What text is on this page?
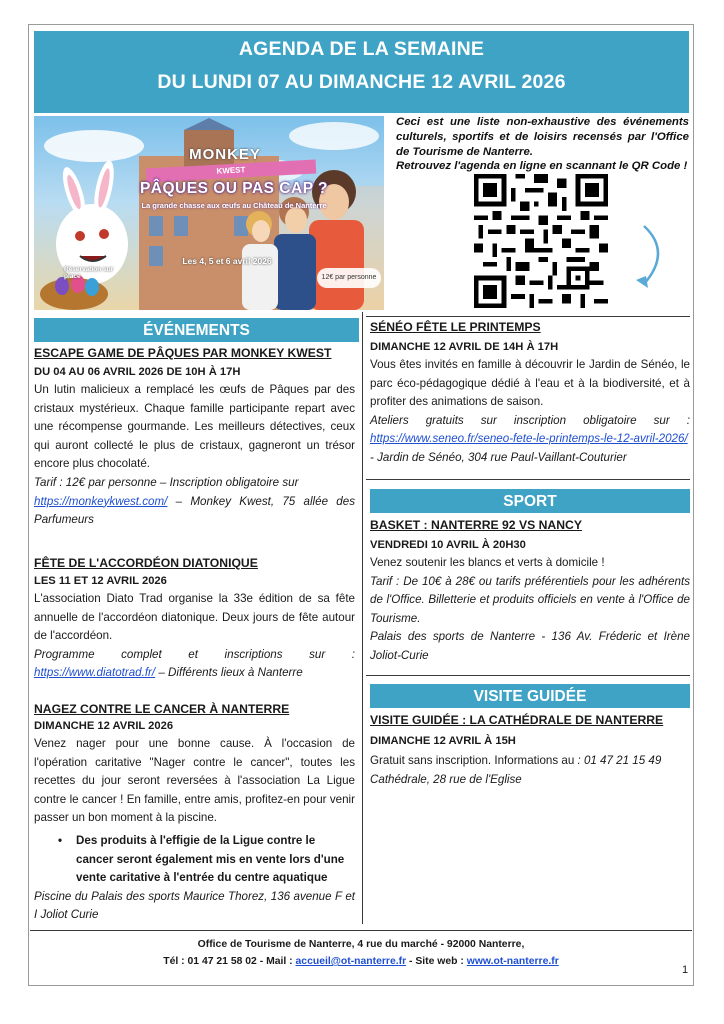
AGENDA DE LA SEMAINE
DU LUNDI 07 AU DIMANCHE 12 AVRIL 2026
MONKEY
KWEST
PÂQUES OU PAS CAP ?
La grande chasse aux œufs au Château de Nanterre
Les 4, 5 et 6 avril 2026
Réservation sur place	12€ par personne

Ceci est une liste non-exhaustive des événements culturels, sportifs et de loisirs recensés par l'Office de Tourisme de Nanterre.

Retrouvez l'agenda en ligne en scannant le QR Code !

ÉVÉNEMENTS

ESCAPE GAME DE PÂQUES PAR MONKEY KWEST

DU 04 AU 06 AVRIL 2026 DE 10H À 17H

Un lutin malicieux a remplacé les œufs de Pâques par des cristaux mystérieux. Chaque famille participante repart avec une récompense gourmande. Les meilleurs détectives, ceux qui auront collecté le plus de cristaux, gagneront un trésor encore plus chocolaté.

Tarif : 12€ par personne – Inscription obligatoire sur
https://monkeykwest.com/ – Monkey Kwest, 75 allée des Parfumeurs

FÊTE DE L'ACCORDÉON DIATONIQUE

LES 11 ET 12 AVRIL 2026

L'association Diato Trad organise la 33e édition de sa fête annuelle de l'accordéon diatonique. Deux jours de fête autour de l'accordéon.

Programme complet et inscriptions sur :

https://www.diatotrad.fr/ – Différents lieux à Nanterre

NAGEZ CONTRE LE CANCER À NANTERRE

DIMANCHE 12 AVRIL 2026

Venez nager pour une bonne cause. À l'occasion de l'opération caritative "Nager contre le cancer", toutes les recettes du jour seront reversées à l'association La Ligue contre le cancer ! En famille, entre amis, profitez-en pour venir passer un bon moment à la piscine.

• Des produits à l'effigie de la Ligue contre le cancer seront également mis en vente lors d'une vente caritative à l'entrée du centre aquatique

Piscine du Palais des sports Maurice Thorez, 136 avenue F et I Joliot Curie

SÉNÉO FÊTE LE PRINTEMPS

DIMANCHE 12 AVRIL DE 14H À 17H

Vous êtes invités en famille à découvrir le Jardin de Sénéo, le parc éco-pédagogique dédié à l'eau et à la biodiversité, et à profiter des animations de saison.

Ateliers gratuits sur inscription obligatoire sur : https://www.seneo.fr/seneo-fete-le-printemps-le-12-avril-2026/ - Jardin de Sénéo, 304 rue Paul-Vaillant-Couturier

SPORT

BASKET : NANTERRE 92 VS NANCY

VENDREDI 10 AVRIL À 20H30

Venez soutenir les blancs et verts à domicile !

Tarif : De 10€ à 28€ ou tarifs préférentiels pour les adhérents de l'Office. Billetterie et produits officiels en vente à l'Office de Tourisme.

Palais des sports de Nanterre - 136 Av. Fréderic et Irène Joliot-Curie

VISITE GUIDÉE

VISITE GUIDÉE : LA CATHÉDRALE DE NANTERRE

DIMANCHE 12 AVRIL À 15H

Gratuit sans inscription. Informations au : 01 47 21 15 49

Cathédrale, 28 rue de l'Eglise

Office de Tourisme de Nanterre, 4 rue du marché - 92000 Nanterre,
Tél : 01 47 21 58 02 - Mail : accueil@ot-nanterre.fr - Site web : www.ot-nanterre.fr
1
